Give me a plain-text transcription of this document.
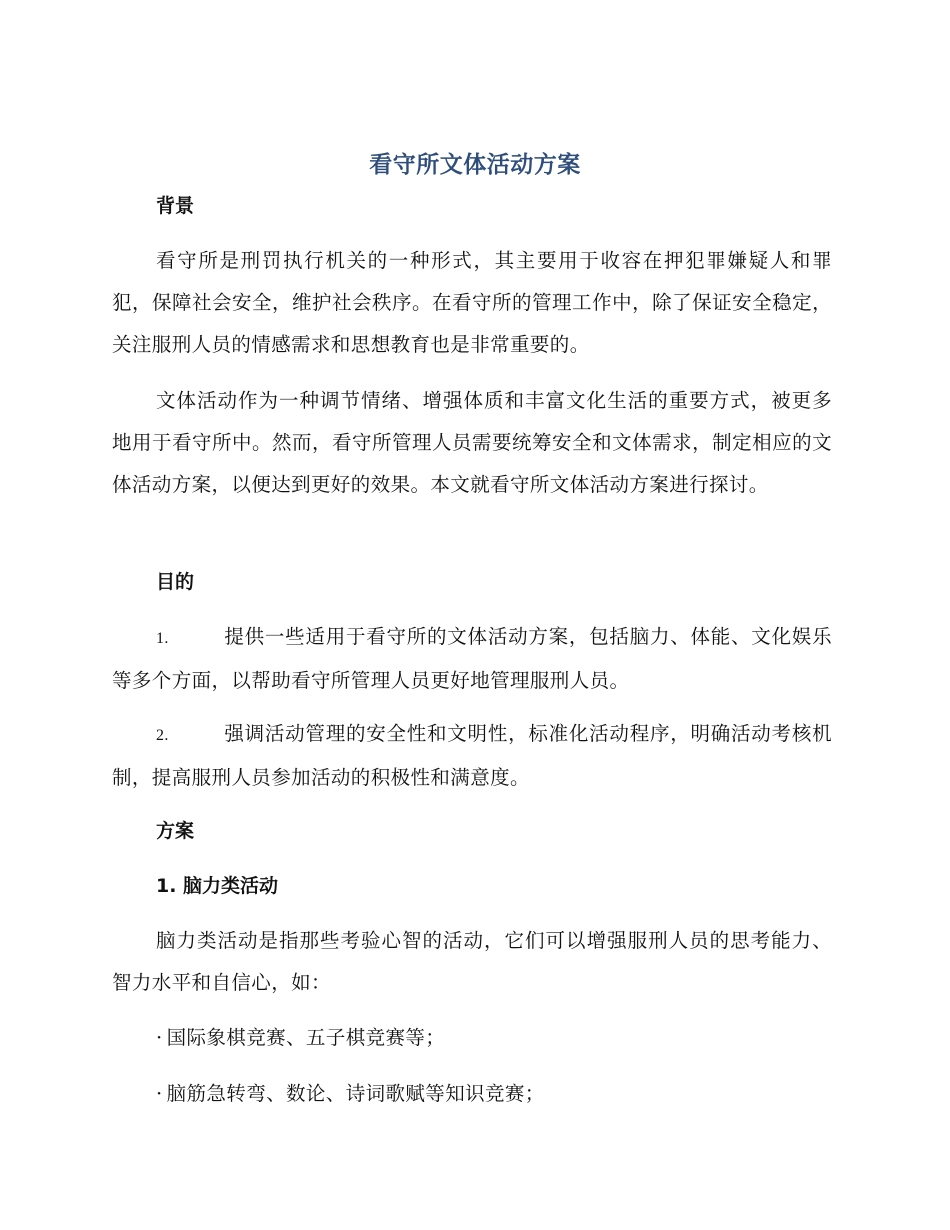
看守所文体活动方案
背景
看守所是刑罚执行机关的一种形式，其主要用于收容在押犯罪嫌疑人和罪犯，保障社会安全，维护社会秩序。在看守所的管理工作中，除了保证安全稳定，关注服刑人员的情感需求和思想教育也是非常重要的。
文体活动作为一种调节情绪、增强体质和丰富文化生活的重要方式，被更多地用于看守所中。然而，看守所管理人员需要统筹安全和文体需求，制定相应的文体活动方案，以便达到更好的效果。本文就看守所文体活动方案进行探讨。
目的
1.	提供一些适用于看守所的文体活动方案，包括脑力、体能、文化娱乐等多个方面，以帮助看守所管理人员更好地管理服刑人员。
2.	强调活动管理的安全性和文明性，标准化活动程序，明确活动考核机制，提高服刑人员参加活动的积极性和满意度。
方案
1. 脑力类活动
脑力类活动是指那些考验心智的活动，它们可以增强服刑人员的思考能力、智力水平和自信心，如：
· 国际象棋竞赛、五子棋竞赛等；
· 脑筋急转弯、数论、诗词歌赋等知识竞赛；
